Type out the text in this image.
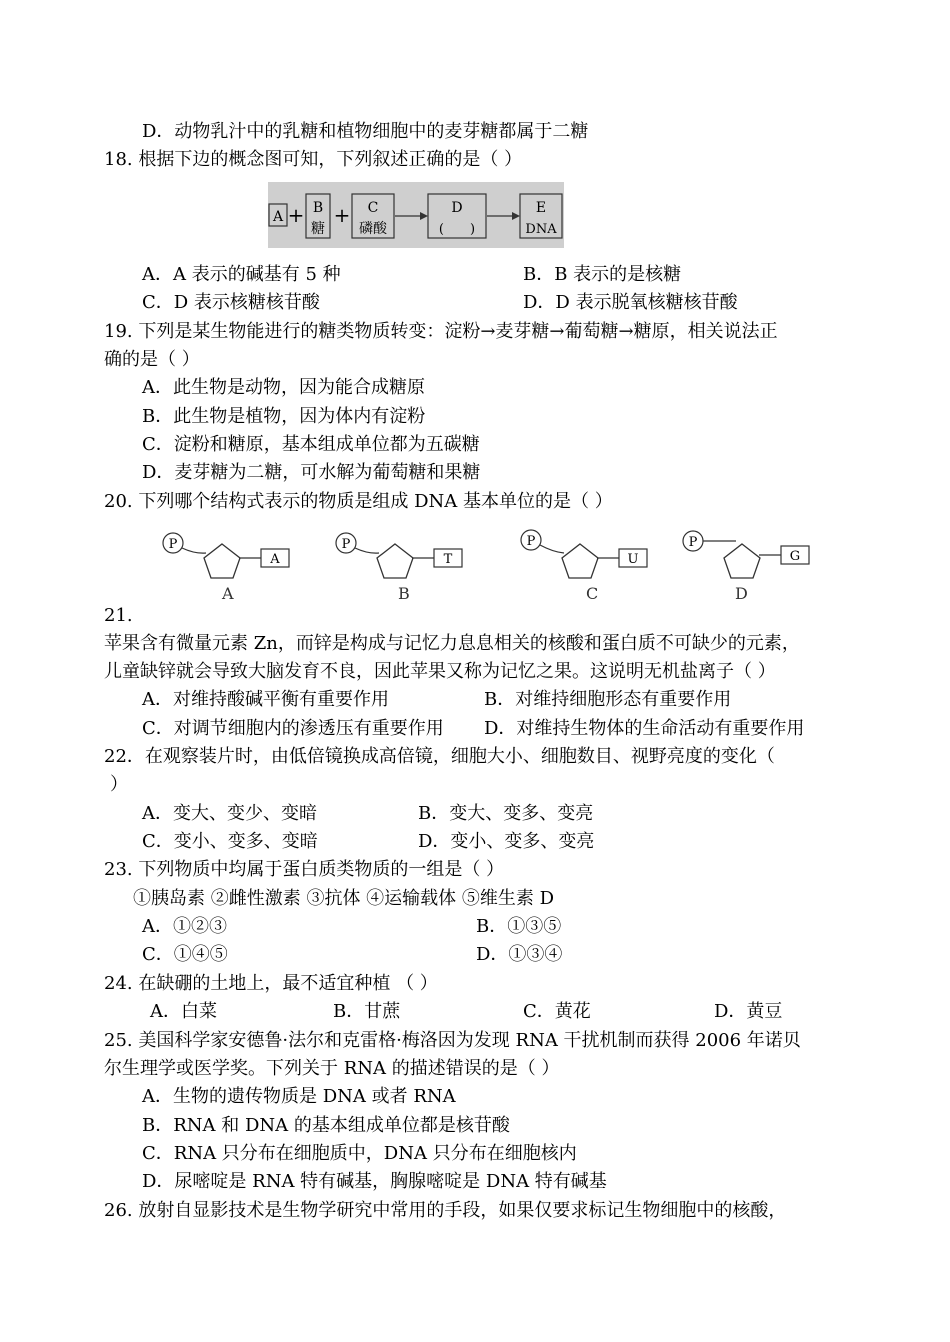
D．动物乳汁中的乳糖和植物细胞中的麦芽糖都属于二糖
18. 根据下边的概念图可知，下列叙述正确的是（ ）
A + B
糖
+ C
磷酸
D
(　　)
E
DNA
A．A 表示的碱基有 5 种	B．B 表示的是核糖
C．D 表示核糖核苷酸	D．D 表示脱氧核糖核苷酸
19. 下列是某生物能进行的糖类物质转变：淀粉→麦芽糖→葡萄糖→糖原，相关说法正
确的是（ ）
A．此生物是动物，因为能合成糖原
B．此生物是植物，因为体内有淀粉
C．淀粉和糖原，基本组成单位都为五碳糖
D．麦芽糖为二糖，可水解为葡萄糖和果糖
20. 下列哪个结构式表示的物质是组成 DNA 基本单位的是（ ）
P
A
A
P
T
B
P
U
C
P
G
D
21.
苹果含有微量元素 Zn，而锌是构成与记忆力息息相关的核酸和蛋白质不可缺少的元素，
儿童缺锌就会导致大脑发育不良，因此苹果又称为记忆之果。这说明无机盐离子（ ）
A．对维持酸碱平衡有重要作用	B．对维持细胞形态有重要作用
C．对调节细胞内的渗透压有重要作用 D．对维持生物体的生命活动有重要作用
22．在观察装片时，由低倍镜换成高倍镜，细胞大小、细胞数目、视野亮度的变化（
）
A．变大、变少、变暗	B．变大、变多、变亮
C．变小、变多、变暗	D．变小、变多、变亮
23. 下列物质中均属于蛋白质类物质的一组是（ ）
①胰岛素 ②雌性激素 ③抗体 ④运输载体 ⑤维生素 D
A．①②③	B．①③⑤
C．①④⑤	D．①③④
24. 在缺硼的土地上，最不适宜种植 （ ）
A．白菜	B．甘蔗	C．黄花	D．黄豆
25. 美国科学家安德鲁·法尔和克雷格·梅洛因为发现 RNA 干扰机制而获得 2006 年诺贝
尔生理学或医学奖。下列关于 RNA 的描述错误的是（ ）
A．生物的遗传物质是 DNA 或者 RNA
B．RNA 和 DNA 的基本组成单位都是核苷酸
C．RNA 只分布在细胞质中，DNA 只分布在细胞核内
D．尿嘧啶是 RNA 特有碱基，胸腺嘧啶是 DNA 特有碱基
26. 放射自显影技术是生物学研究中常用的手段，如果仅要求标记生物细胞中的核酸，
